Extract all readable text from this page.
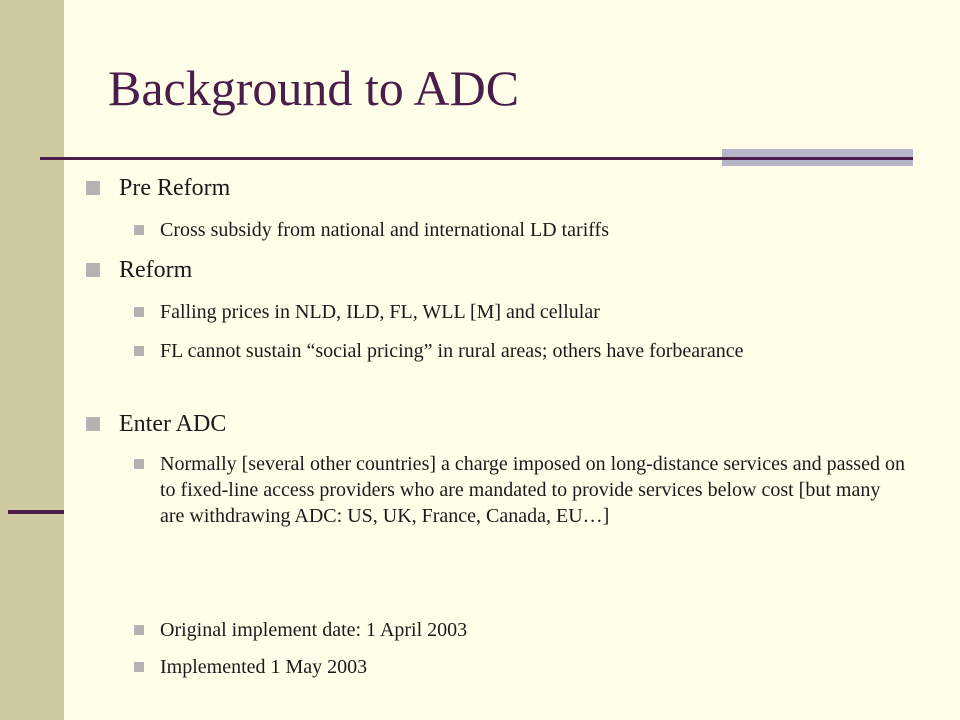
Background to ADC

Pre Reform

Cross subsidy from national and international LD tariffs

Reform

Falling prices in NLD, ILD, FL, WLL [M] and cellular

FL cannot sustain “social pricing” in rural areas; others have forbearance

Enter ADC

Normally [several other countries] a charge imposed on long-distance services and passed on to fixed-line access providers who are mandated to provide services below cost [but many are withdrawing ADC: US, UK, France, Canada, EU…]

Original implement date: 1 April 2003

Implemented 1 May 2003
